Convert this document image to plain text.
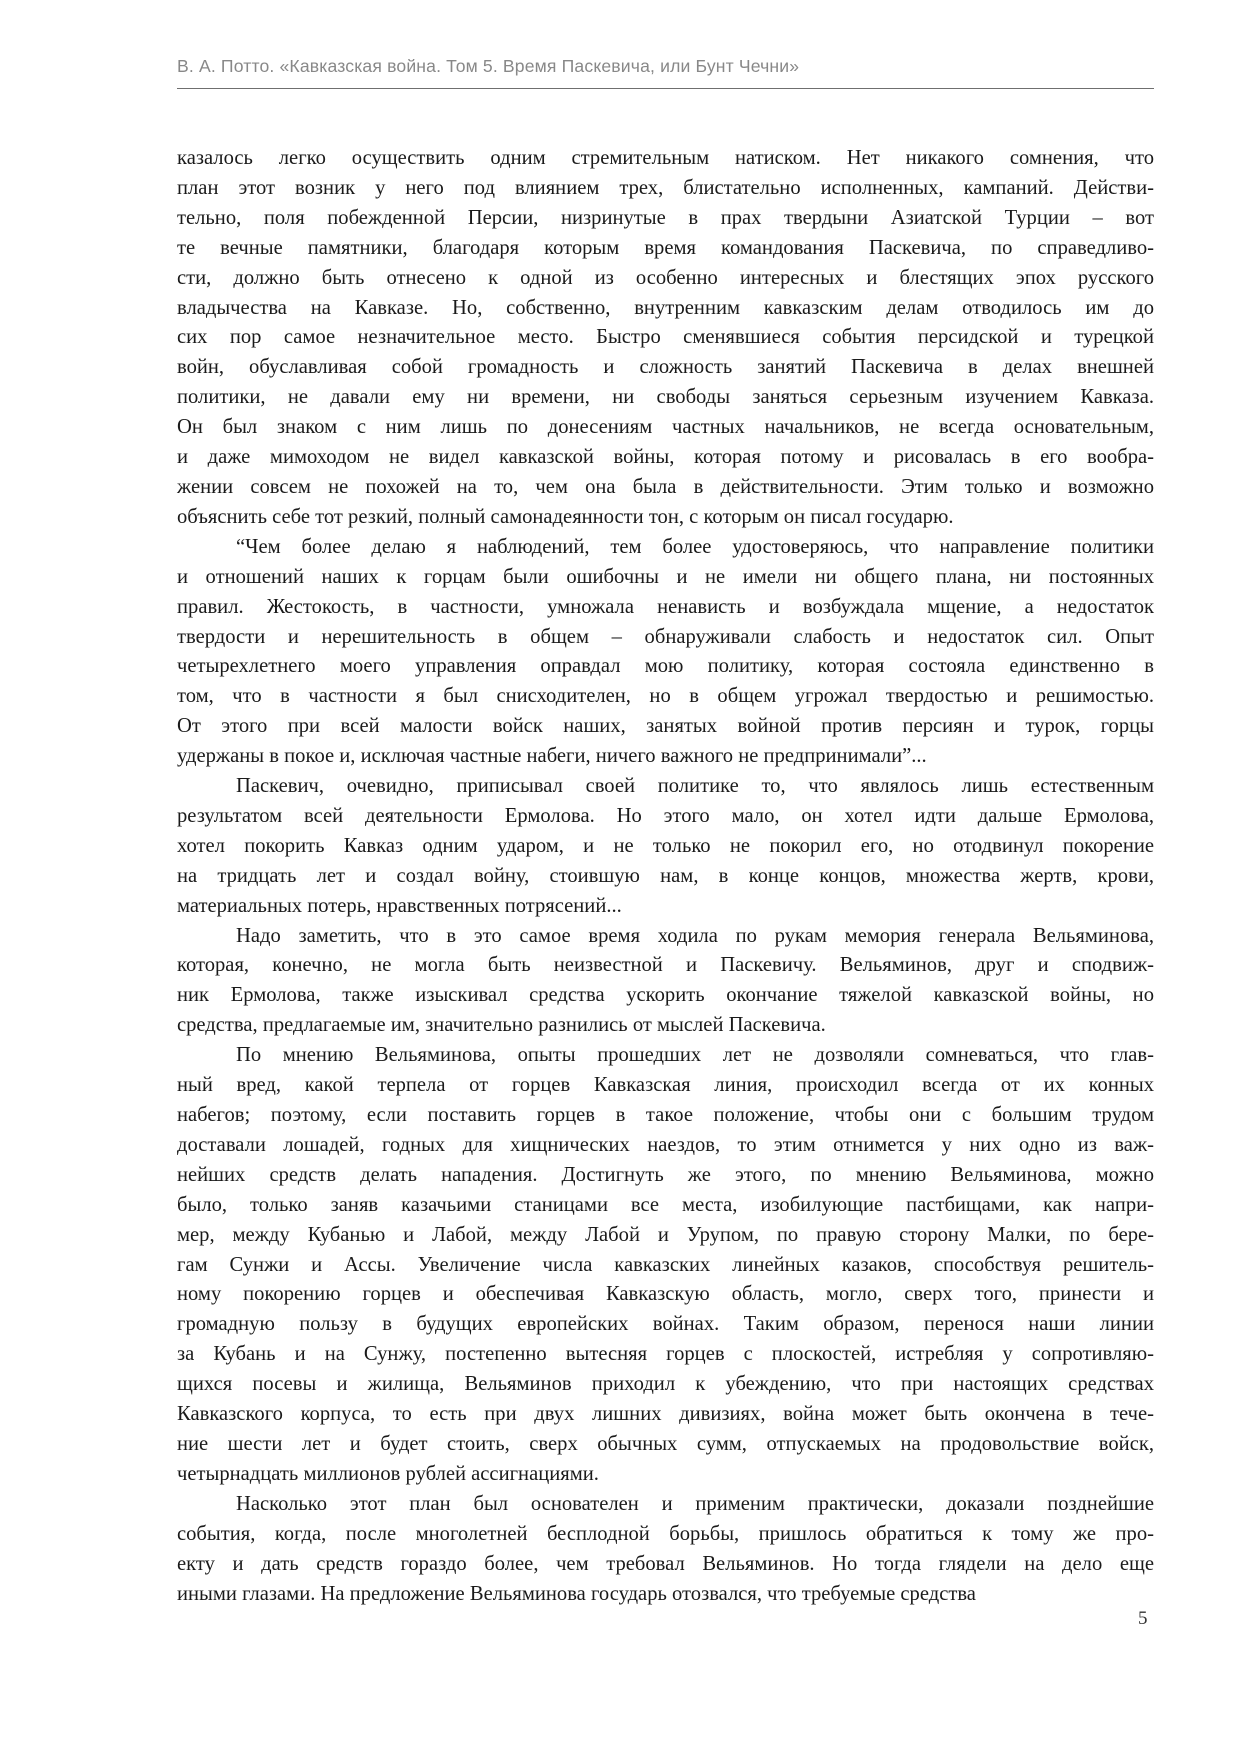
В. А. Потто. «Кавказская война. Том 5. Время Паскевича, или Бунт Чечни»

казалось легко осуществить одним стремительным натиском. Нет никакого сомнения, что
план этот возник у него под влиянием трех, блистательно исполненных, кампаний. Действи-
тельно, поля побежденной Персии, низринутые в прах твердыни Азиатской Турции – вот
те вечные памятники, благодаря которым время командования Паскевича, по справедливо-
сти, должно быть отнесено к одной из особенно интересных и блестящих эпох русского
владычества на Кавказе. Но, собственно, внутренним кавказским делам отводилось им до
сих пор самое незначительное место. Быстро сменявшиеся события персидской и турецкой
войн, обуславливая собой громадность и сложность занятий Паскевича в делах внешней
политики, не давали ему ни времени, ни свободы заняться серьезным изучением Кавказа.
Он был знаком с ним лишь по донесениям частных начальников, не всегда основательным,
и даже мимоходом не видел кавказской войны, которая потому и рисовалась в его вообра-
жении совсем не похожей на то, чем она была в действительности. Этим только и возможно
объяснить себе тот резкий, полный самонадеянности тон, с которым он писал государю.

“Чем более делаю я наблюдений, тем более удостоверяюсь, что направление политики
и отношений наших к горцам были ошибочны и не имели ни общего плана, ни постоянных
правил. Жестокость, в частности, умножала ненависть и возбуждала мщение, а недостаток
твердости и нерешительность в общем – обнаруживали слабость и недостаток сил. Опыт
четырехлетнего моего управления оправдал мою политику, которая состояла единственно в
том, что в частности я был снисходителен, но в общем угрожал твердостью и решимостью.
От этого при всей малости войск наших, занятых войной против персиян и турок, горцы
удержаны в покое и, исключая частные набеги, ничего важного не предпринимали”...

Паскевич, очевидно, приписывал своей политике то, что являлось лишь естественным
результатом всей деятельности Ермолова. Но этого мало, он хотел идти дальше Ермолова,
хотел покорить Кавказ одним ударом, и не только не покорил его, но отодвинул покорение
на тридцать лет и создал войну, стоившую нам, в конце концов, множества жертв, крови,
материальных потерь, нравственных потрясений...

Надо заметить, что в это самое время ходила по рукам мемория генерала Вельяминова,
которая, конечно, не могла быть неизвестной и Паскевичу. Вельяминов, друг и сподвиж-
ник Ермолова, также изыскивал средства ускорить окончание тяжелой кавказской войны, но
средства, предлагаемые им, значительно разнились от мыслей Паскевича.

По мнению Вельяминова, опыты прошедших лет не дозволяли сомневаться, что глав-
ный вред, какой терпела от горцев Кавказская линия, происходил всегда от их конных
набегов; поэтому, если поставить горцев в такое положение, чтобы они с большим трудом
доставали лошадей, годных для хищнических наездов, то этим отнимется у них одно из важ-
нейших средств делать нападения. Достигнуть же этого, по мнению Вельяминова, можно
было, только заняв казачьими станицами все места, изобилующие пастбищами, как напри-
мер, между Кубанью и Лабой, между Лабой и Урупом, по правую сторону Малки, по бере-
гам Сунжи и Ассы. Увеличение числа кавказских линейных казаков, способствуя решитель-
ному покорению горцев и обеспечивая Кавказскую область, могло, сверх того, принести и
громадную пользу в будущих европейских войнах. Таким образом, перенося наши линии
за Кубань и на Сунжу, постепенно вытесняя горцев с плоскостей, истребляя у сопротивляю-
щихся посевы и жилища, Вельяминов приходил к убеждению, что при настоящих средствах
Кавказского корпуса, то есть при двух лишних дивизиях, война может быть окончена в тече-
ние шести лет и будет стоить, сверх обычных сумм, отпускаемых на продовольствие войск,
четырнадцать миллионов рублей ассигнациями.

Насколько этот план был основателен и применим практически, доказали позднейшие
события, когда, после многолетней бесплодной борьбы, пришлось обратиться к тому же про-
екту и дать средств гораздо более, чем требовал Вельяминов. Но тогда глядели на дело еще
иными глазами. На предложение Вельяминова государь отозвался, что требуемые средства

5
